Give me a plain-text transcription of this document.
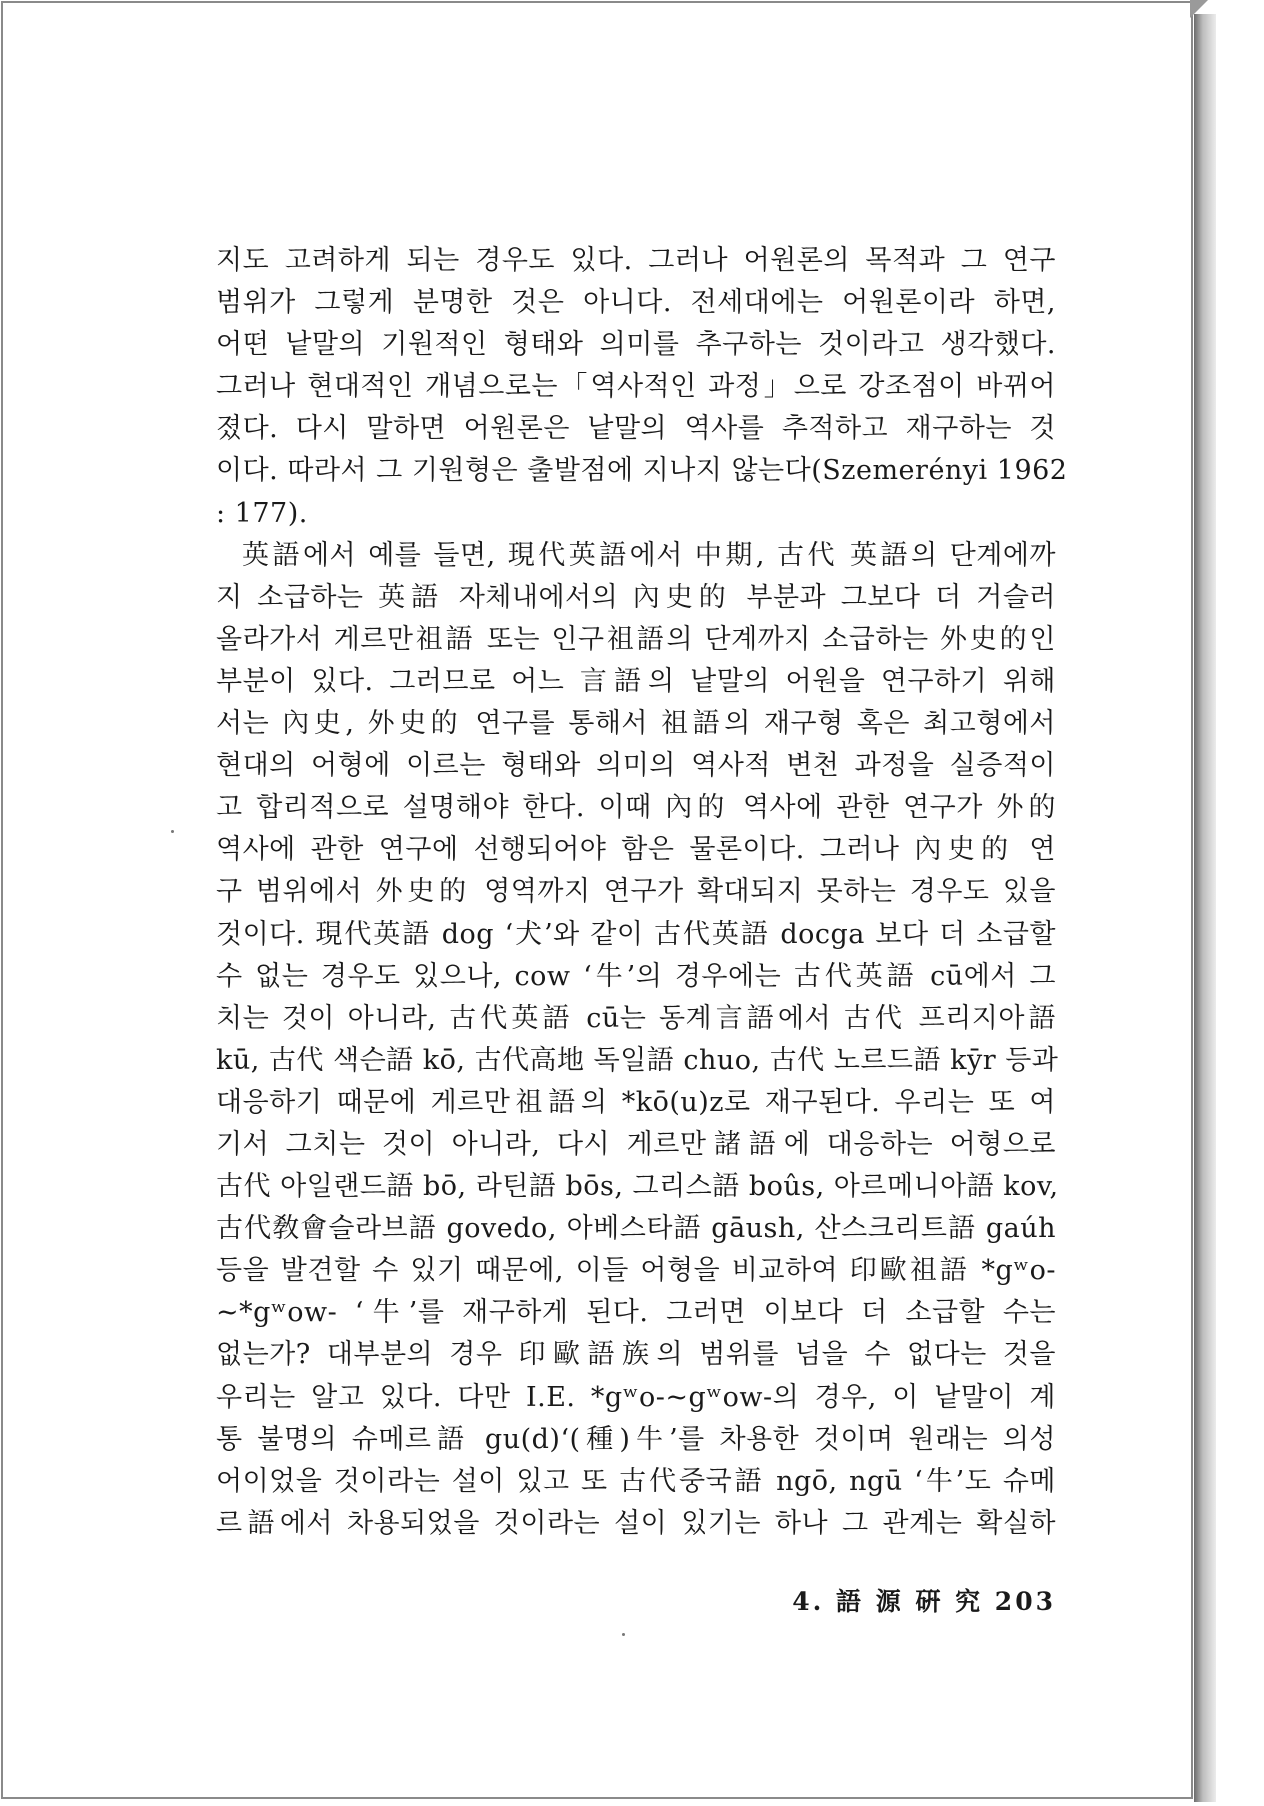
지도 고려하게 되는 경우도 있다. 그러나 어원론의 목적과 그 연구
범위가 그렇게 분명한 것은 아니다. 전세대에는 어원론이라 하면,
어떤 낱말의 기원적인 형태와 의미를 추구하는 것이라고 생각했다.
그러나 현대적인 개념으로는「역사적인 과정」으로 강조점이 바뀌어
졌다. 다시 말하면 어원론은 낱말의 역사를 추적하고 재구하는 것
이다. 따라서 그 기원형은 출발점에 지나지 않는다(Szemerényi 1962
: 177).
英語에서 예를 들면, 現代英語에서 中期, 古代 英語의 단계에까
지 소급하는 英語 자체내에서의 內史的 부분과 그보다 더 거슬러
올라가서 게르만祖語 또는 인구祖語의 단계까지 소급하는 外史的인
부분이 있다. 그러므로 어느 言語의 낱말의 어원을 연구하기 위해
서는 內史, 外史的 연구를 통해서 祖語의 재구형 혹은 최고형에서
현대의 어형에 이르는 형태와 의미의 역사적 변천 과정을 실증적이
고 합리적으로 설명해야 한다. 이때 內的 역사에 관한 연구가 外的
역사에 관한 연구에 선행되어야 함은 물론이다. 그러나 內史的 연
구 범위에서 外史的 영역까지 연구가 확대되지 못하는 경우도 있을
것이다. 現代英語 dog ‘犬’와 같이 古代英語 docga 보다 더 소급할
수 없는 경우도 있으나, cow ‘牛’의 경우에는 古代英語 cū에서 그
치는 것이 아니라, 古代英語 cū는 동계言語에서 古代 프리지아語
kū, 古代 색슨語 kō, 古代高地 독일語 chuo, 古代 노르드語 kȳr 등과
대응하기 때문에 게르만祖語의 *kō(u)z로 재구된다. 우리는 또 여
기서 그치는 것이 아니라, 다시 게르만諸語에 대응하는 어형으로
古代 아일랜드語 bō, 라틴語 bōs, 그리스語 boûs, 아르메니아語 kov,
古代敎會슬라브語 govedo, 아베스타語 gāush, 산스크리트語 gaúh
등을 발견할 수 있기 때문에, 이들 어형을 비교하여 印歐祖語 *gʷo-
~*gʷow- ‘牛’를 재구하게 된다. 그러면 이보다 더 소급할 수는
없는가? 대부분의 경우 印歐語族의 범위를 넘을 수 없다는 것을
우리는 알고 있다. 다만 I.E. *gʷo-~gʷow-의 경우, 이 낱말이 계
통 불명의 슈메르語 gu(d)‘(種)牛’를 차용한 것이며 원래는 의성
어이었을 것이라는 설이 있고 또 古代중국語 ngō, ngū ‘牛’도 슈메
르語에서 차용되었을 것이라는 설이 있기는 하나 그 관계는 확실하
4. 語 源 硏 究 203
